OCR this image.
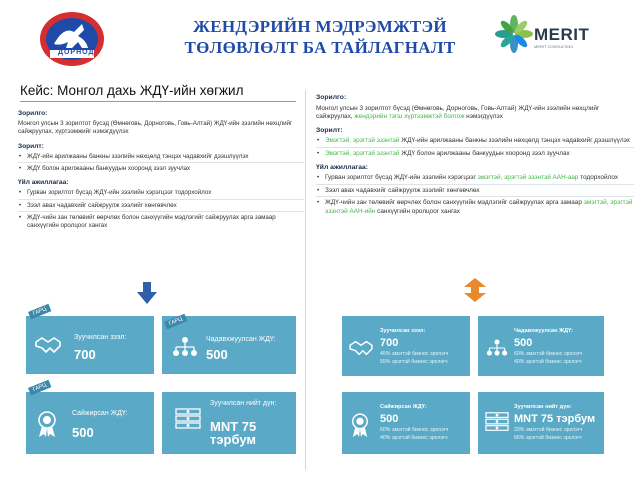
ДОРНОД
ЖЕНДЭРИЙН МЭДРЭМЖТЭЙ
ТӨЛӨВЛӨЛТ БА ТАЙЛАГНАЛТ
MERIT
MERIT CONSULTING
Кейс: Монгол дахь ЖДҮ-ийн хөгжил
Зорилго:
Монгол улсын 3 зорилтот бүсэд (Өмнөговь, Дорноговь, Говь-Алтай) ЖДҮ-ийн зээлийн нөхцлийг сайжруулах, хүртээмжийг нэмэгдүүлэх
Зорилт:
• ЖДҮ-ийн арилжааны банкны зээлийн нөхцөлд тэнцэх чадавхийг дээшлүүлэх
• ЖДҮ болон арилжааны банкуудын хооронд зээл зуучлах
Үйл ажиллагаа:
• Гурван зорилтот бүсэд ЖДҮ-ийн зээлийн хэрэгцээг тодорхойлох
• Зээл авах чадавхийг сайжруулж зээлийг хөнгөвчлөх
• ЖДҮ-чийн зан төлөвийг өөрчлөх болон санхүүгийн мэдлэгийг сайжруулах арга замаар санхүүгийн оролцоог хангах
Зорилго:
Монгол улсын 3 зорилтот бүсэд (Өмнөговь, Дорноговь, Говь-Алтай) ЖДҮ-ийн зээлийн нөхцлийг сайжруулах, жендэрийн тэгш хүртээмжтэй болгож нэмэгдүүлэх
Зорилт:
• Эмэгтэй, эрэгтэй эзэнтэй ЖДҮ-ийн арилжааны банкны зээлийн нөхцөлд тэнцэх чадавхийг дээшлүүлэх
• Эмэгтэй, эрэгтэй эзэнтэй ЖДҮ болон арилжааны банкуудын хооронд зээл зуучлах
Үйл ажиллагаа:
• Гурван зорилтот бүсэд ЖДҮ-ийн зээлийн хэрэгцээг эмэгтэй, эрэгтэй эзэнтэй ААН-аар тодорхойлох
• Зээл авах чадавхийг сайжруулж зээлийг хөнгөвчлөх
• ЖДҮ-чийн зан төлөвийг өөрчлөх болон санхүүгийн мэдлэгийг сайжруулах арга замаар эмэгтэй, эрэгтэй эзэнтэй ААН-ийн санхүүгийн оролцоог хангах
ГАРЦ
Зуучилсан зээл:
700
ГАРЦ
Чадавхжуулсан ЖДҮ:
500
ГАРЦ
Сайжирсан ЖДҮ:
500
Зуучилсан нийт дүн:
MNT 75 тэрбум
Зуучилсан зээл:
700
45% эмэгтэй бизнес эрхлэгч
55% эрэгтэй бизнес эрхлэгч
Чадавхжуулсан ЖДҮ:
500
60% эмэгтэй бизнес эрхлэгч
40% эрэгтэй бизнес эрхлэгч
Сайжирсан ЖДҮ:
500
60% эмэгтэй бизнес эрхлэгч
40% эрэгтэй бизнес эрхлэгч
Зуучилсан нийт дүн:
MNT 75 тэрбум
33% эмэгтэй бизнес эрхлэгч
66% эрэгтэй бизнес эрхлэгч
